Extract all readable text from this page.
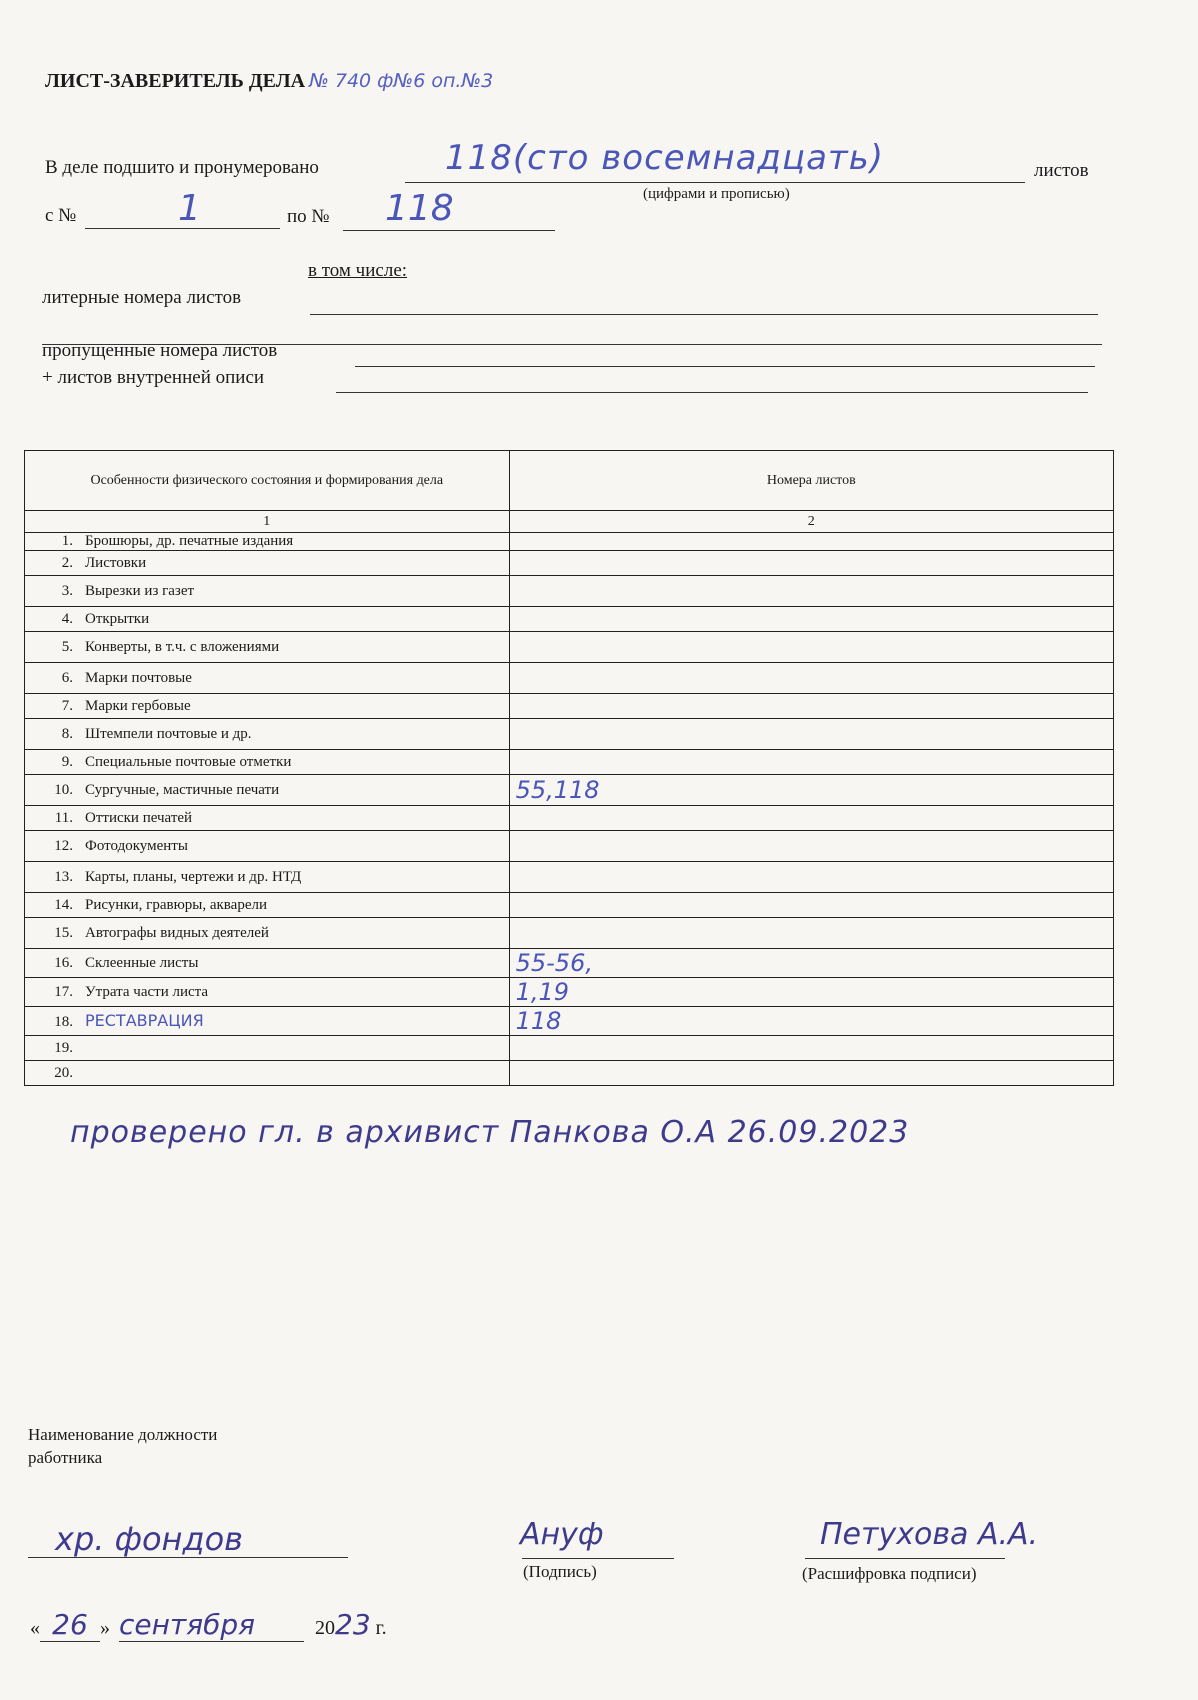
ЛИСТ-ЗАВЕРИТЕЛЬ ДЕЛА № 740 ф№6 оп.№3
В деле подшито и пронумеровано	118(сто восемнадцать)	листов
(цифрами и прописью)
с №	1	по № 118
в том числе:
литерные номера листов
пропущенные номера листов
+ листов внутренней описи
Особенности физического состояния и формирования дела	Номера листов
1	2
1. Брошюры, др. печатные издания	
2. Листовки	
3. Вырезки из газет	
4. Открытки	
5. Конверты, в т.ч. с вложениями	
6. Марки почтовые	
7. Марки гербовые	
8. Штемпели почтовые и др.	
9. Специальные почтовые отметки	
10. Сургучные, мастичные печати	55,118
11. Оттиски печатей	
12. Фотодокументы	
13. Карты, планы, чертежи и др. НТД	
14. Рисунки, гравюры, акварели	
15. Автографы видных деятелей	
16. Склеенные листы	55-56,
17. Утрата части листа	1,19
18. РЕСТАВРАЦИЯ	118
19.	
20.	
проверено гл. в архивист Панкова О.А 26.09.2023
Наименование должности
работника
хр. фондов	Ануф
(Подпись)
Петухова А.А.
(Расшифровка подписи)
« 26 » сентября	2023 г.
